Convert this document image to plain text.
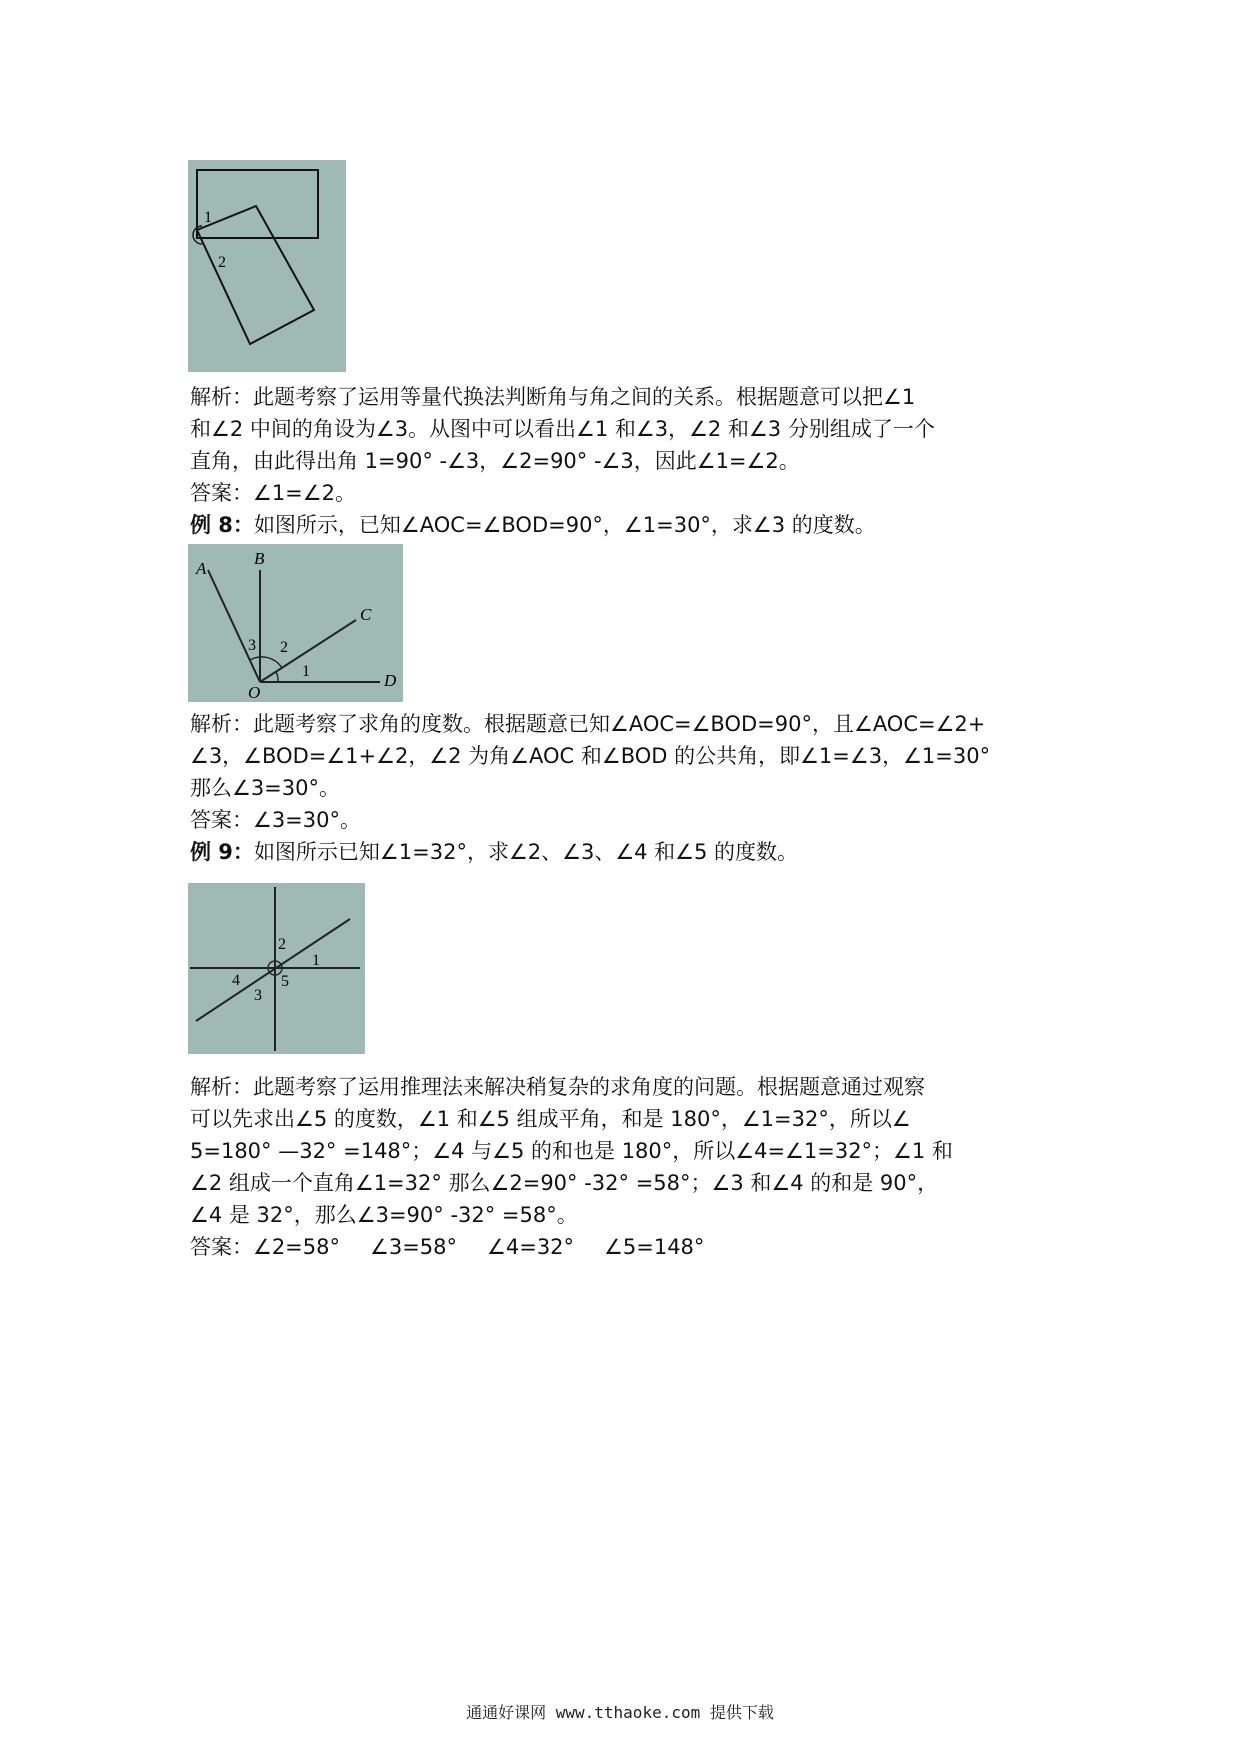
1
2
解析：此题考察了运用等量代换法判断角与角之间的关系。根据题意可以把∠1
和∠2 中间的角设为∠3。从图中可以看出∠1 和∠3，∠2 和∠3 分别组成了一个
直角，由此得出角 1=90° -∠3，∠2=90° -∠3，因此∠1=∠2。
答案：∠1=∠2。
例 8：如图所示，已知∠AOC=∠BOD=90°，∠1=30°，求∠3 的度数。
A
B
C
D
O
1
2
3
解析：此题考察了求角的度数。根据题意已知∠AOC=∠BOD=90°，且∠AOC=∠2+
∠3，∠BOD=∠1+∠2，∠2 为角∠AOC 和∠BOD 的公共角，即∠1=∠3，∠1=30°
那么∠3=30°。
答案：∠3=30°。
例 9：如图所示已知∠1=32°，求∠2、∠3、∠4 和∠5 的度数。
1
2
3
4	5
解析：此题考察了运用推理法来解决稍复杂的求角度的问题。根据题意通过观察
可以先求出∠5 的度数，∠1 和∠5 组成平角，和是 180°，∠1=32°，所以∠
5=180° —32° =148°；∠4 与∠5 的和也是 180°，所以∠4=∠1=32°；∠1 和
∠2 组成一个直角∠1=32° 那么∠2=90° -32° =58°；∠3 和∠4 的和是 90°，
∠4 是 32°，那么∠3=90° -32° =58°。
答案：∠2=58° ∠3=58° ∠4=32° ∠5=148°
通通好课网 www.tthaoke.com 提供下载
